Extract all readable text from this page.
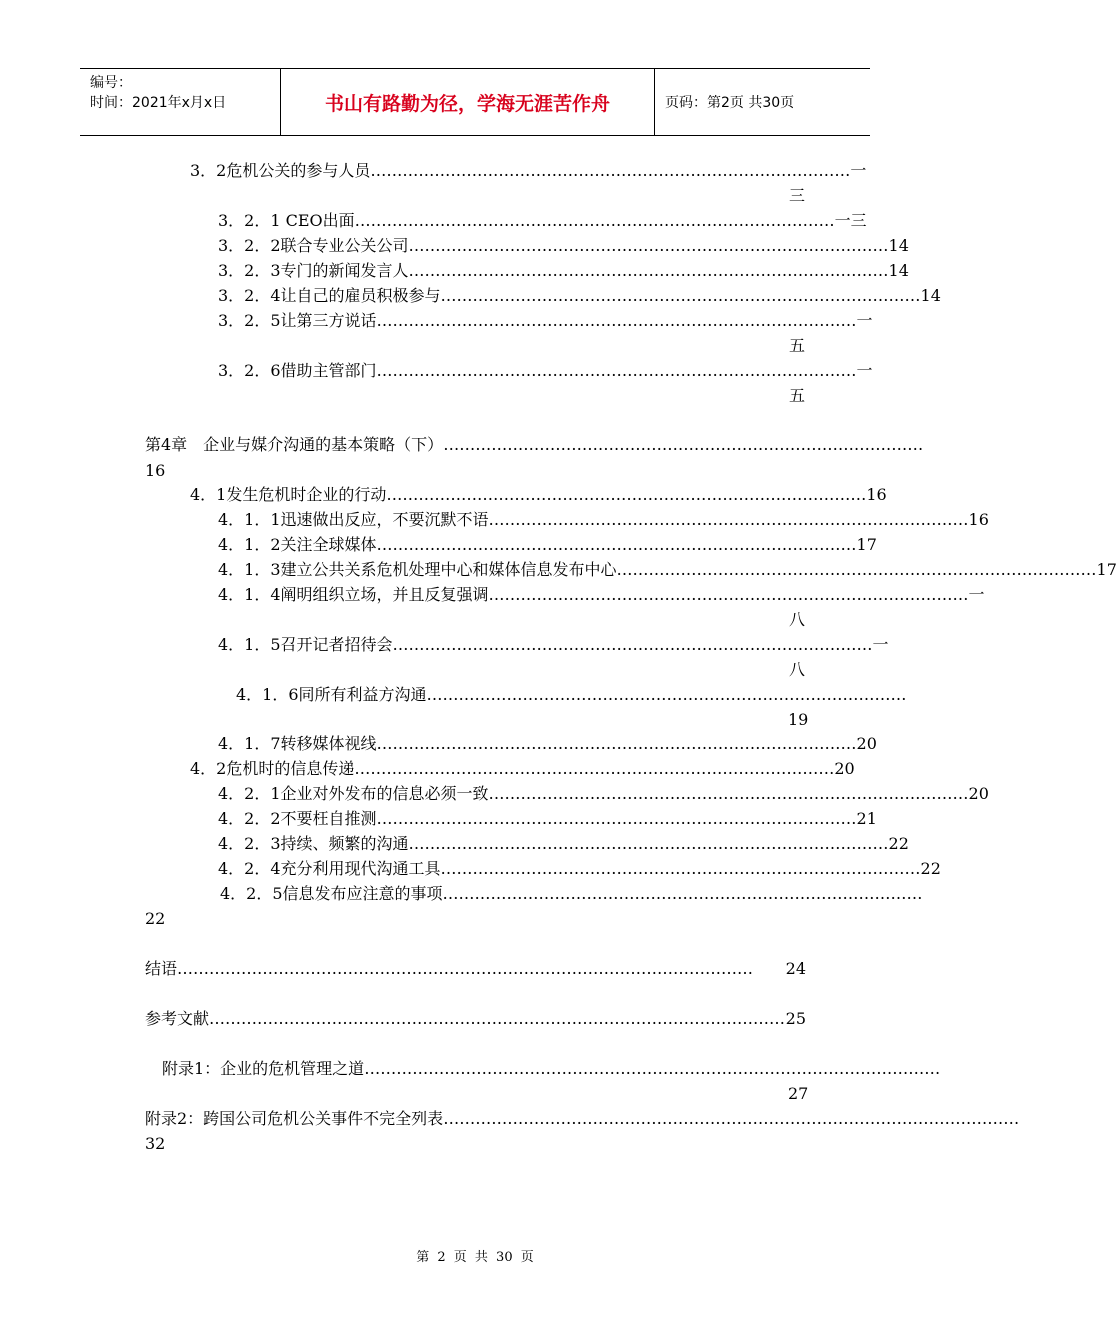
编号：
时间：2021年x月x日	书山有路勤为径，学海无涯苦作舟	页码：第2页 共30页
3．2危机公关的参与人员 ……………………………………………………………………………… 一
三
3．2．1 CEO出面 ……………………………………………………………………………… 一三
3．2．2联合专业公关公司 ……………………………………………………………………………… 14
3．2．3专门的新闻发言人 ……………………………………………………………………………… 14
3．2．4让自己的雇员积极参与 ……………………………………………………………………………… 14
3．2．5让第三方说话 ……………………………………………………………………………… 一
五
3．2．6借助主管部门 ……………………………………………………………………………… 一
五
第4章　企业与媒介沟通的基本策略（下） ………………………………………………………………………………
16
4．1发生危机时企业的行动 ……………………………………………………………………………… 16
4．1．1迅速做出反应，不要沉默不语 ……………………………………………………………………………… 16
4．1．2关注全球媒体 ……………………………………………………………………………… 17
4．1．3建立公共关系危机处理中心和媒体信息发布中心 ……………………………………………………………………………… 17
4．1．4阐明组织立场，并且反复强调 ……………………………………………………………………………… 一
八
4．1．5召开记者招待会 ……………………………………………………………………………… 一
八
4．1．6同所有利益方沟通 ………………………………………………………………………………
19
4．1．7转移媒体视线 ……………………………………………………………………………… 20
4．2危机时的信息传递 ……………………………………………………………………………… 20
4．2．1企业对外发布的信息必须一致 ……………………………………………………………………………… 20
4．2．2不要枉自推测 ……………………………………………………………………………… 21
4．2．3持续、频繁的沟通 ……………………………………………………………………………… 22
4．2．4充分利用现代沟通工具 ……………………………………………………………………………… 22
4．2．5信息发布应注意的事项 ………………………………………………………………………………
22
结语 ………………………………………………………………………………………………	24
参考文献 ……………………………………………………………………………………………… 25
附录1：企业的危机管理之道 ………………………………………………………………………………………………
27
附录2：跨国公司危机公关事件不完全列表 ………………………………………………………………………………………………
32
第 2 页 共 30 页
